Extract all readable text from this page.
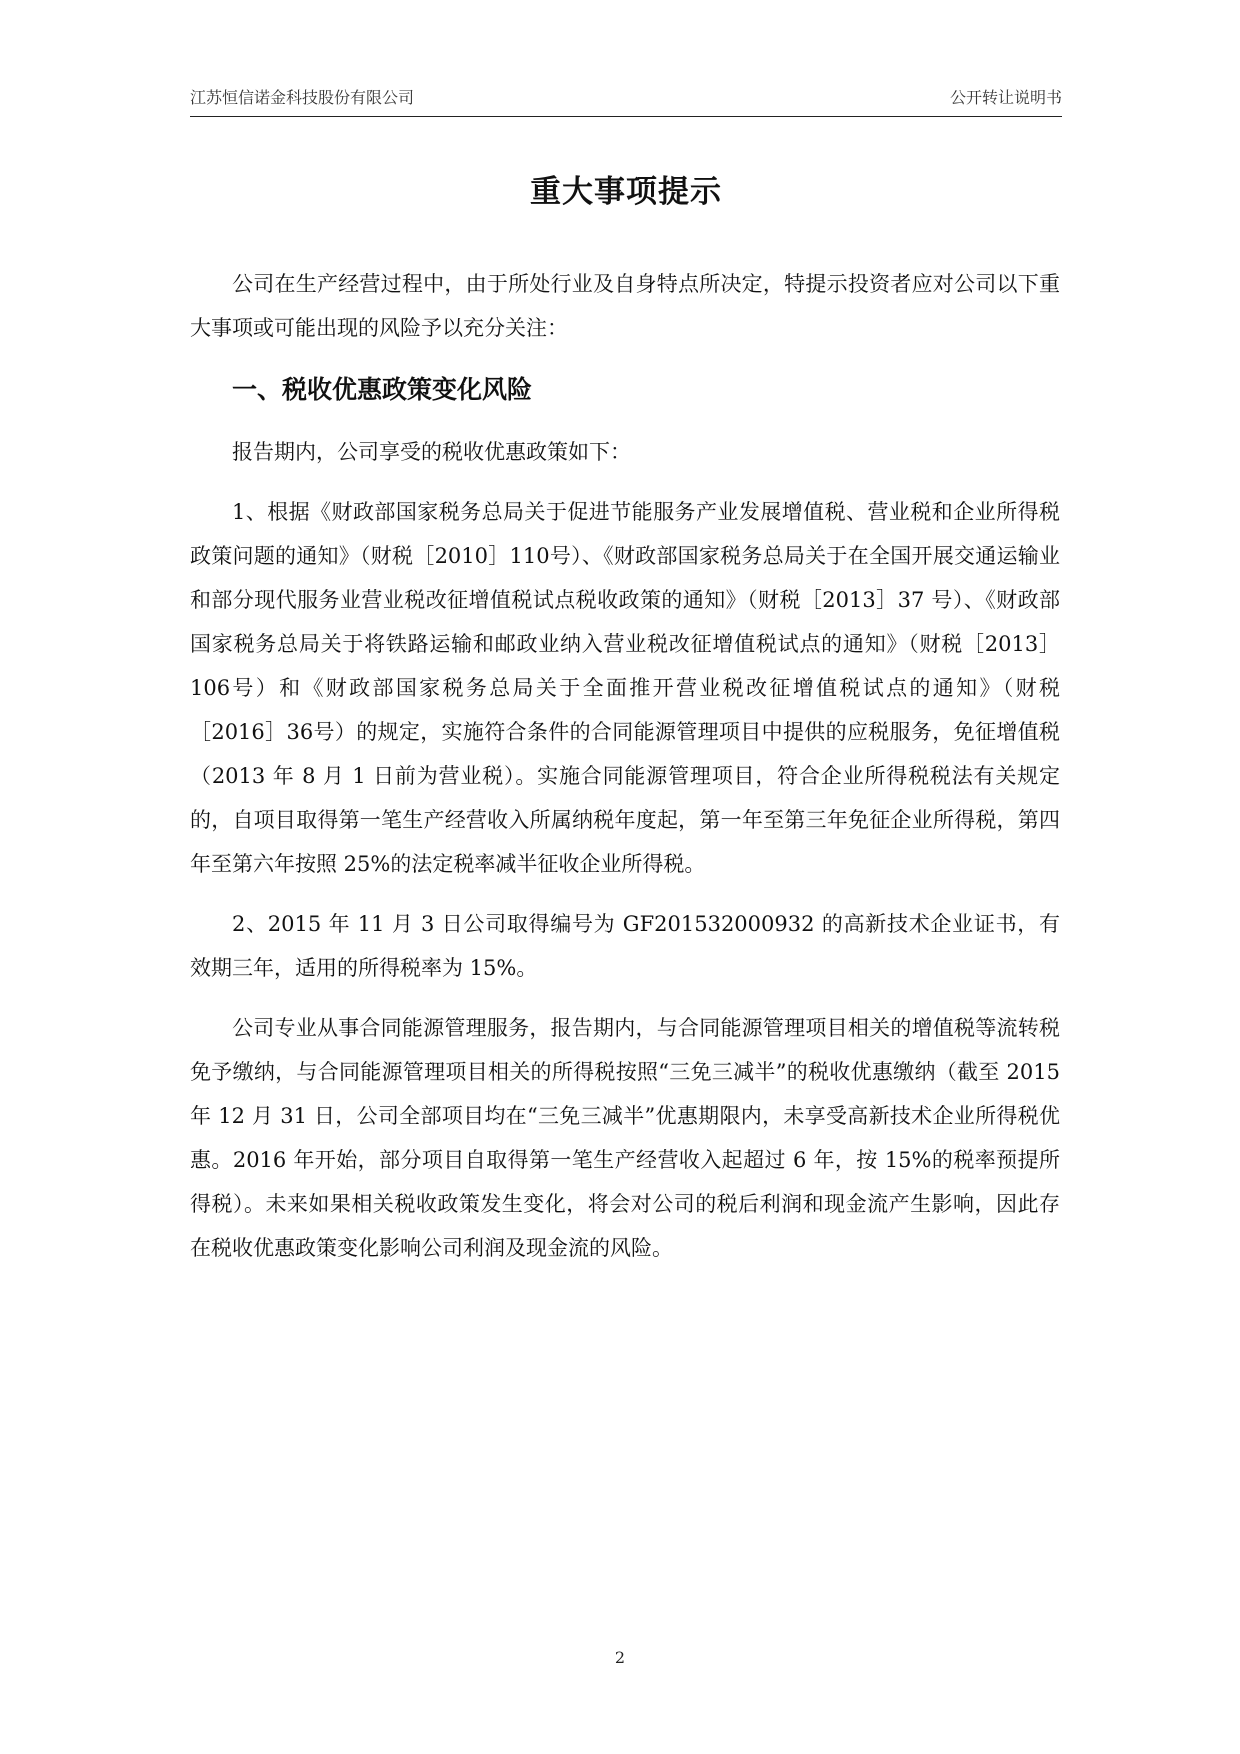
江苏恒信诺金科技股份有限公司	公开转让说明书
重大事项提示

公司在生产经营过程中，由于所处行业及自身特点所决定，特提示投资者应对公司以下重大事项或可能出现的风险予以充分关注：

一、税收优惠政策变化风险

报告期内，公司享受的税收优惠政策如下：

1、根据《财政部国家税务总局关于促进节能服务产业发展增值税、营业税和企业所得税政策问题的通知》（财税［2010］110号）、《财政部国家税务总局关于在全国开展交通运输业和部分现代服务业营业税改征增值税试点税收政策的通知》（财税［2013］37 号）、《财政部国家税务总局关于将铁路运输和邮政业纳入营业税改征增值税试点的通知》（财税［2013］106号）和《财政部国家税务总局关于全面推开营业税改征增值税试点的通知》（财税［2016］36号）的规定，实施符合条件的合同能源管理项目中提供的应税服务，免征增值税（2013 年 8 月 1 日前为营业税）。实施合同能源管理项目，符合企业所得税税法有关规定的，自项目取得第一笔生产经营收入所属纳税年度起，第一年至第三年免征企业所得税，第四年至第六年按照 25%的法定税率减半征收企业所得税。

2、2015 年 11 月 3 日公司取得编号为 GF201532000932 的高新技术企业证书，有效期三年，适用的所得税率为 15%。

公司专业从事合同能源管理服务，报告期内，与合同能源管理项目相关的增值税等流转税免予缴纳，与合同能源管理项目相关的所得税按照“三免三减半”的税收优惠缴纳（截至 2015 年 12 月 31 日，公司全部项目均在“三免三减半”优惠期限内，未享受高新技术企业所得税优惠。2016 年开始，部分项目自取得第一笔生产经营收入起超过 6 年，按 15%的税率预提所得税）。未来如果相关税收政策发生变化，将会对公司的税后利润和现金流产生影响，因此存在税收优惠政策变化影响公司利润及现金流的风险。

2
